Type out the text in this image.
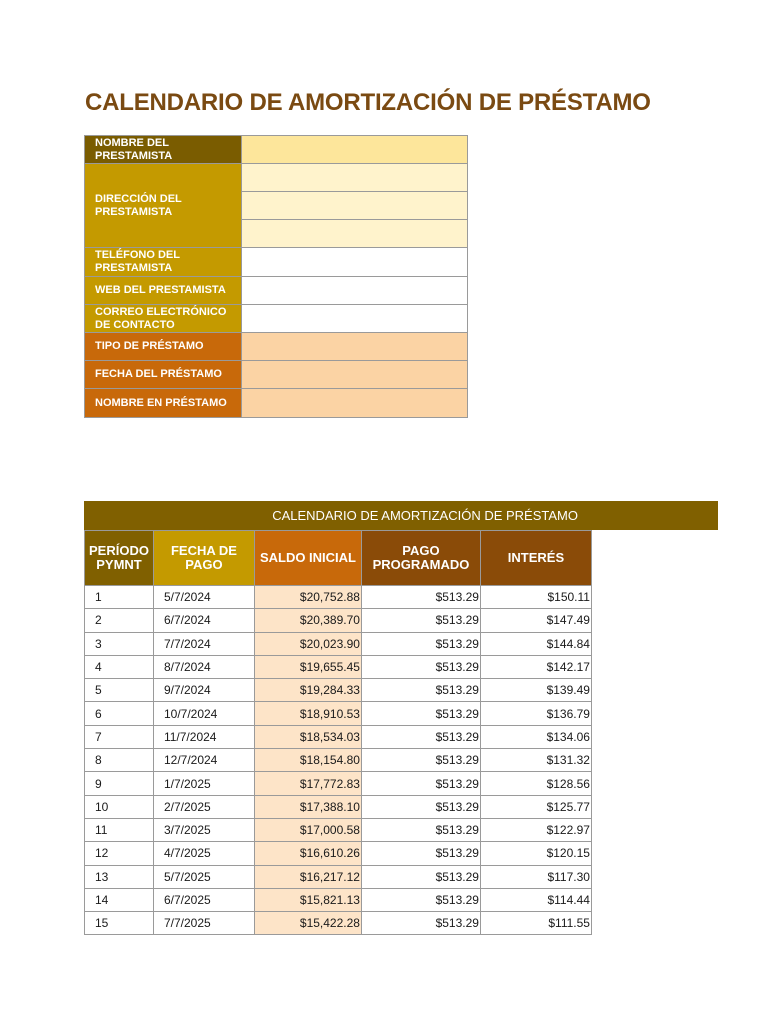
CALENDARIO DE AMORTIZACIÓN DE PRÉSTAMO
NOMBRE DEL PRESTAMISTA	
DIRECCIÓN DEL PRESTAMISTA	

TELÉFONO DEL PRESTAMISTA	
WEB DEL PRESTAMISTA	
CORREO ELECTRÓNICO DE CONTACTO	
TIPO DE PRÉSTAMO	
FECHA DEL PRÉSTAMO	
NOMBRE EN PRÉSTAMO	
CALENDARIO DE AMORTIZACIÓN DE PRÉSTAMO
PERÍODO PYMNT	FECHA DE PAGO	SALDO INICIAL	PAGO PROGRAMADO	INTERÉS
1	5/7/2024	$20,752.88	$513.29	$150.11
2	6/7/2024	$20,389.70	$513.29	$147.49
3	7/7/2024	$20,023.90	$513.29	$144.84
4	8/7/2024	$19,655.45	$513.29	$142.17
5	9/7/2024	$19,284.33	$513.29	$139.49
6	10/7/2024	$18,910.53	$513.29	$136.79
7	11/7/2024	$18,534.03	$513.29	$134.06
8	12/7/2024	$18,154.80	$513.29	$131.32
9	1/7/2025	$17,772.83	$513.29	$128.56
10	2/7/2025	$17,388.10	$513.29	$125.77
11	3/7/2025	$17,000.58	$513.29	$122.97
12	4/7/2025	$16,610.26	$513.29	$120.15
13	5/7/2025	$16,217.12	$513.29	$117.30
14	6/7/2025	$15,821.13	$513.29	$114.44
15	7/7/2025	$15,422.28	$513.29	$111.55
